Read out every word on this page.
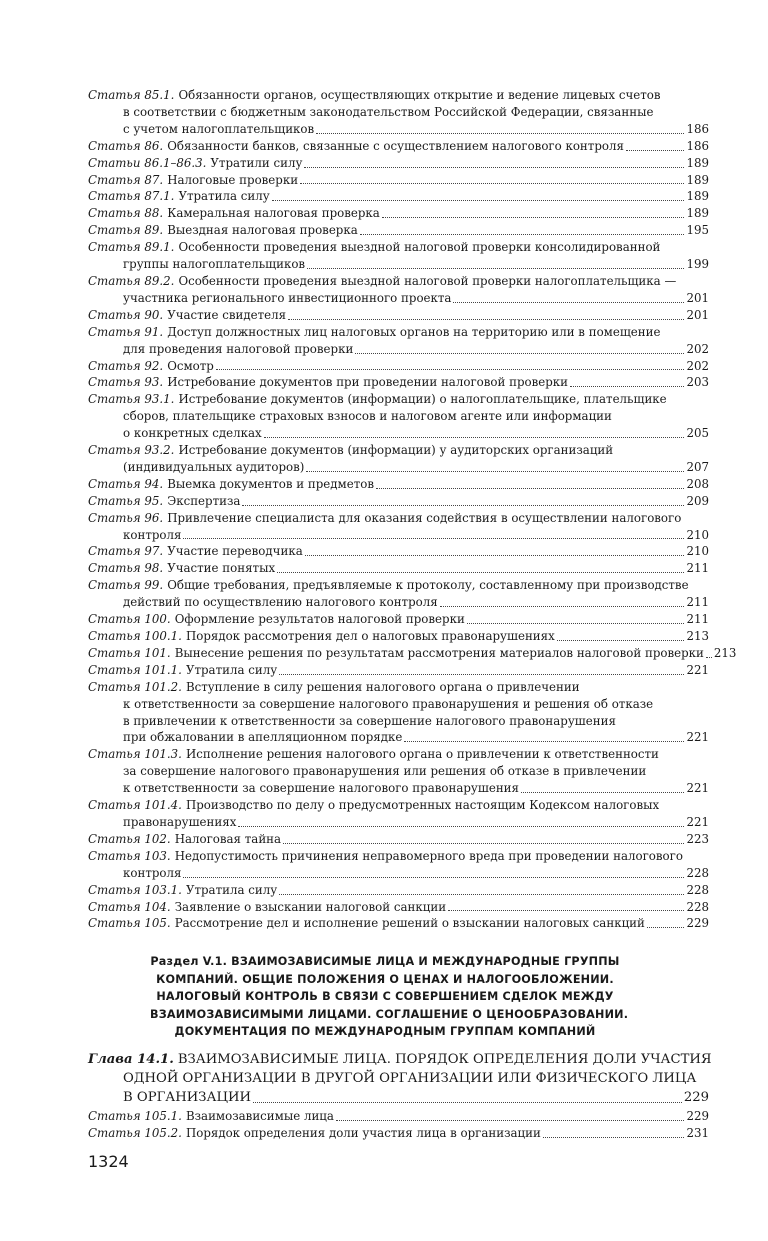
Статья 85.1. Обязанности органов, осуществляющих открытие и ведение лицевых счетов
в соответствии с бюджетным законодательством Российской Федерации, связанные
с учетом налогоплательщиков	186
Статья 86. Обязанности банков, связанные с осуществлением налогового контроля	186
Статьи 86.1–86.3. Утратили силу	189
Статья 87. Налоговые проверки	189
Статья 87.1. Утратила силу	189
Статья 88. Камеральная налоговая проверка	189
Статья 89. Выездная налоговая проверка	195
Статья 89.1. Особенности проведения выездной налоговой проверки консолидированной
группы налогоплательщиков	199
Статья 89.2. Особенности проведения выездной налоговой проверки налогоплательщика —
участника регионального инвестиционного проекта	201
Статья 90. Участие свидетеля	201
Статья 91. Доступ должностных лиц налоговых органов на территорию или в помещение
для проведения налоговой проверки	202
Статья 92. Осмотр	202
Статья 93. Истребование документов при проведении налоговой проверки	203
Статья 93.1. Истребование документов (информации) о налогоплательщике, плательщике
сборов, плательщике страховых взносов и налоговом агенте или информации
о конкретных сделках	205
Статья 93.2. Истребование документов (информации) у аудиторских организаций
(индивидуальных аудиторов)	207
Статья 94. Выемка документов и предметов	208
Статья 95. Экспертиза	209
Статья 96. Привлечение специалиста для оказания содействия в осуществлении налогового
контроля	210
Статья 97. Участие переводчика	210
Статья 98. Участие понятых	211
Статья 99. Общие требования, предъявляемые к протоколу, составленному при производстве
действий по осуществлению налогового контроля	211
Статья 100. Оформление результатов налоговой проверки	211
Статья 100.1. Порядок рассмотрения дел о налоговых правонарушениях	213
Статья 101. Вынесение решения по результатам рассмотрения материалов налоговой проверки 213
Статья 101.1. Утратила силу	221
Статья 101.2. Вступление в силу решения налогового органа о привлечении
к ответственности за совершение налогового правонарушения и решения об отказе
в привлечении к ответственности за совершение налогового правонарушения
при обжаловании в апелляционном порядке	221
Статья 101.3. Исполнение решения налогового органа о привлечении к ответственности
за совершение налогового правонарушения или решения об отказе в привлечении
к ответственности за совершение налогового правонарушения	221
Статья 101.4. Производство по делу о предусмотренных настоящим Кодексом налоговых
правонарушениях	221
Статья 102. Налоговая тайна	223
Статья 103. Недопустимость причинения неправомерного вреда при проведении налогового
контроля	228
Статья 103.1. Утратила силу	228
Статья 104. Заявление о взыскании налоговой санкции	228
Статья 105. Рассмотрение дел и исполнение решений о взыскании налоговых санкций	229
Раздел V.1. ВЗАИМОЗАВИСИМЫЕ ЛИЦА И МЕЖДУНАРОДНЫЕ ГРУППЫ
КОМПАНИЙ. ОБЩИЕ ПОЛОЖЕНИЯ О ЦЕНАХ И НАЛОГООБЛОЖЕНИИ.
НАЛОГОВЫЙ КОНТРОЛЬ В СВЯЗИ С СОВЕРШЕНИЕМ СДЕЛОК МЕЖДУ
ВЗАИМОЗАВИСИМЫМИ ЛИЦАМИ. СОГЛАШЕНИЕ О ЦЕНООБРАЗОВАНИИ.
ДОКУМЕНТАЦИЯ ПО МЕЖДУНАРОДНЫМ ГРУППАМ КОМПАНИЙ
Глава 14.1. ВЗАИМОЗАВИСИМЫЕ ЛИЦА. ПОРЯДОК ОПРЕДЕЛЕНИЯ ДОЛИ УЧАСТИЯ
ОДНОЙ ОРГАНИЗАЦИИ В ДРУГОЙ ОРГАНИЗАЦИИ ИЛИ ФИЗИЧЕСКОГО ЛИЦА
В ОРГАНИЗАЦИИ	229
Статья 105.1. Взаимозависимые лица	229
Статья 105.2. Порядок определения доли участия лица в организации	231
1324
